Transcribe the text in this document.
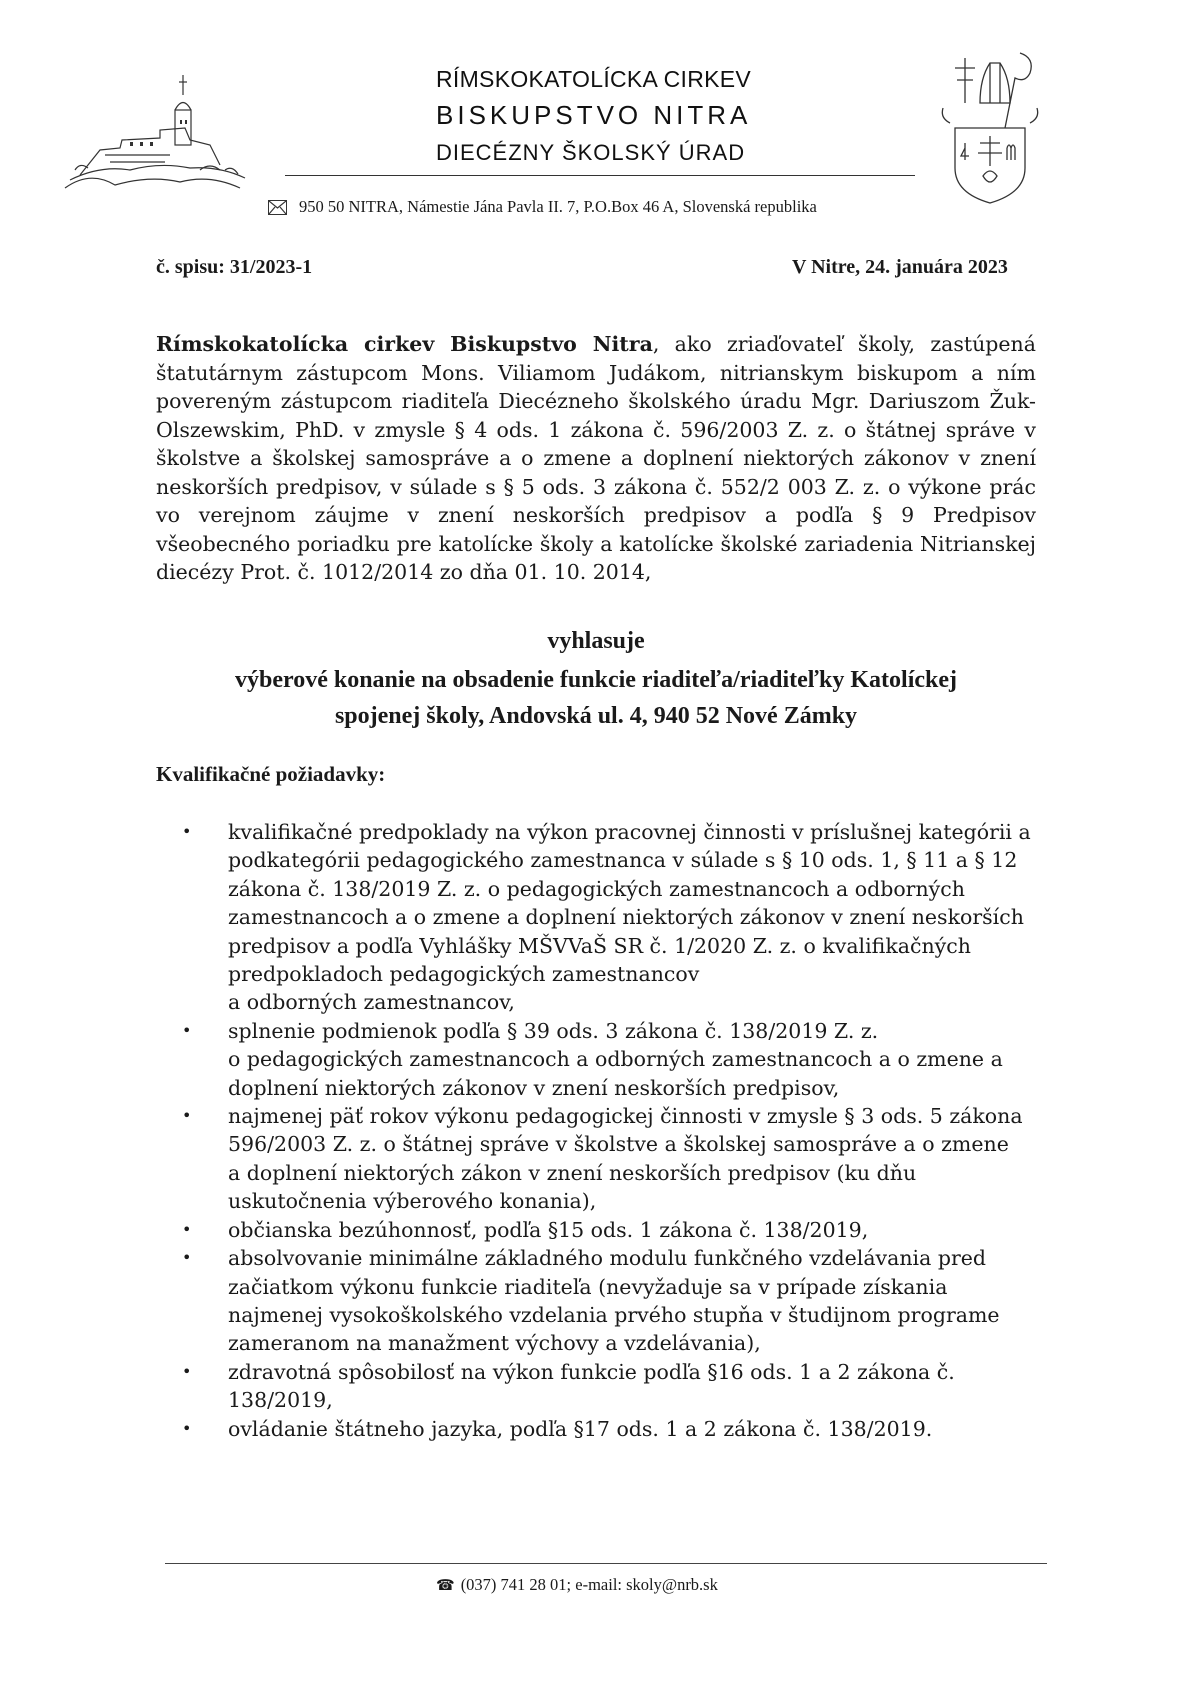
RÍMSKOKATOLÍCKA CIRKEV
BISKUPSTVO NITRA
DIECÉZNY ŠKOLSKÝ ÚRAD
950 50 NITRA, Námestie Jána Pavla II. 7, P.O.Box 46 A, Slovenská republika
č. spisu: 31/2023-1	V Nitre, 24. januára 2023
Rímskokatolícka cirkev Biskupstvo Nitra, ako zriaďovateľ školy, zastúpená štatutárnym zástupcom Mons. Viliamom Judákom, nitrianskym biskupom a ním povereným zástupcom riaditeľa Diecézneho školského úradu Mgr. Dariuszom Žuk-Olszewskim, PhD. v zmysle § 4 ods. 1 zákona č. 596/2003 Z. z. o štátnej správe v školstve a školskej samospráve a o zmene a doplnení niektorých zákonov v znení neskorších predpisov, v súlade s § 5 ods. 3 zákona č. 552/2 003 Z. z. o výkone prác vo verejnom záujme v znení neskorších predpisov a podľa § 9 Predpisov všeobecného poriadku pre katolícke školy a katolícke školské zariadenia Nitrianskej diecézy Prot. č. 1012/2014 zo dňa 01. 10. 2014,
vyhlasuje
výberové konanie na obsadenie funkcie riaditeľa/riaditeľky Katolíckej
spojenej školy, Andovská ul. 4, 940 52 Nové Zámky
Kvalifikačné požiadavky:
• kvalifikačné predpoklady na výkon pracovnej činnosti v príslušnej kategórii a
podkategórii pedagogického zamestnanca v súlade s § 10 ods. 1, § 11 a § 12
zákona č. 138/2019 Z. z. o pedagogických zamestnancoch a odborných
zamestnancoch a o zmene a doplnení niektorých zákonov v znení neskorších
predpisov a podľa Vyhlášky MŠVVaŠ SR č. 1/2020 Z. z. o kvalifikačných
predpokladoch pedagogických zamestnancov
a odborných zamestnancov,
• splnenie podmienok podľa § 39 ods. 3 zákona č. 138/2019 Z. z.
o pedagogických zamestnancoch a odborných zamestnancoch a o zmene a
doplnení niektorých zákonov v znení neskorších predpisov,
• najmenej päť rokov výkonu pedagogickej činnosti v zmysle § 3 ods. 5 zákona
596/2003 Z. z. o štátnej správe v školstve a školskej samospráve a o zmene
a doplnení niektorých zákon v znení neskorších predpisov (ku dňu
uskutočnenia výberového konania),
• občianska bezúhonnosť, podľa §15 ods. 1 zákona č. 138/2019,
• absolvovanie minimálne základného modulu funkčného vzdelávania pred
začiatkom výkonu funkcie riaditeľa (nevyžaduje sa v prípade získania
najmenej vysokoškolského vzdelania prvého stupňa v študijnom programe
zameranom na manažment výchovy a vzdelávania),
• zdravotná spôsobilosť na výkon funkcie podľa §16 ods. 1 a 2 zákona č.
138/2019,
• ovládanie štátneho jazyka, podľa §17 ods. 1 a 2 zákona č. 138/2019.
☎ (037) 741 28 01; e-mail: skoly@nrb.sk
